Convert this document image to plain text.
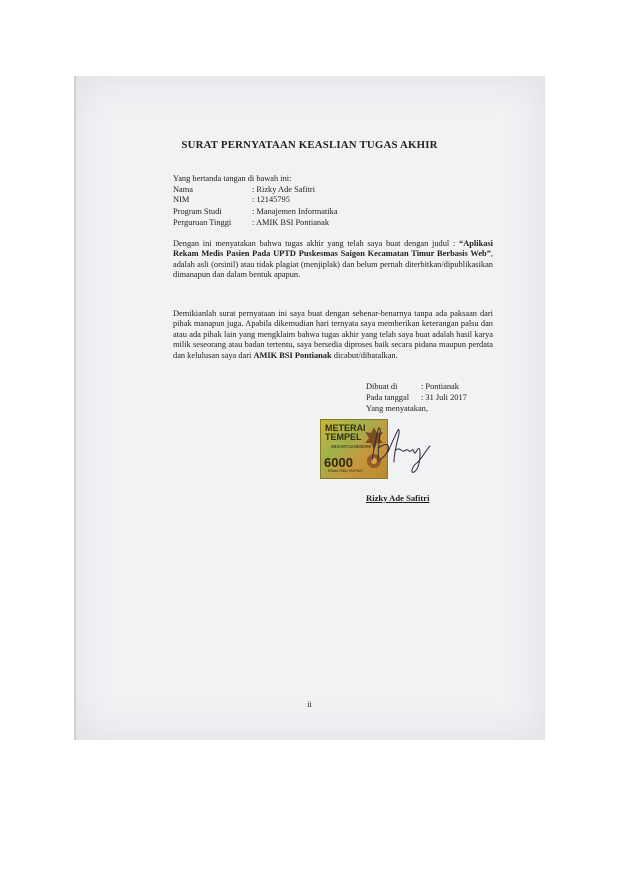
SURAT PERNYATAAN KEASLIAN TUGAS AKHIR
Yang bertanda tangan di bawah ini:
Nama	: Rizky Ade Safitri
NIM	: 12145795
Program Studi	: Manajemen Informatika
Perguruan Tinggi : AMIK BSI Pontianak
Dengan ini menyatakan bahwa tugas akhir yang telah saya buat dengan judul : “Aplikasi Rekam Medis Pasien Pada UPTD Puskesmas Saigon Kecamatan Timur Berbasis Web”, adalah asli (orsinil) atau tidak plagiat (menjiplak) dan belum pernah diterbitkan/dipublikasikan dimanapun dan dalam bentuk apapun.
Demikianlah surat pernyataan ini saya buat dengan sebenar-benarnya tanpa ada paksaan dari pihak manapun juga. Apabila dikemudian hari ternyata saya memberikan keterangan palsu dan atau ada pihak lain yang mengklaim bahwa tugas akhir yang telah saya buat adalah hasil karya milik seseorang atau badan tertentu, saya bersedia diproses baik secara pidana maupun perdata dan kelulusan saya dari AMIK BSI Pontianak dicabut/dibatalkan.
Dibuat di	: Pontianak
Pada tanggal : 31 Juli 2017
Yang menyatakan,
METERAI
TEMPEL
9B3AEF224865098
6000
ENAM RIBU RUPIAH
Rizky Ade Safitri
ii
